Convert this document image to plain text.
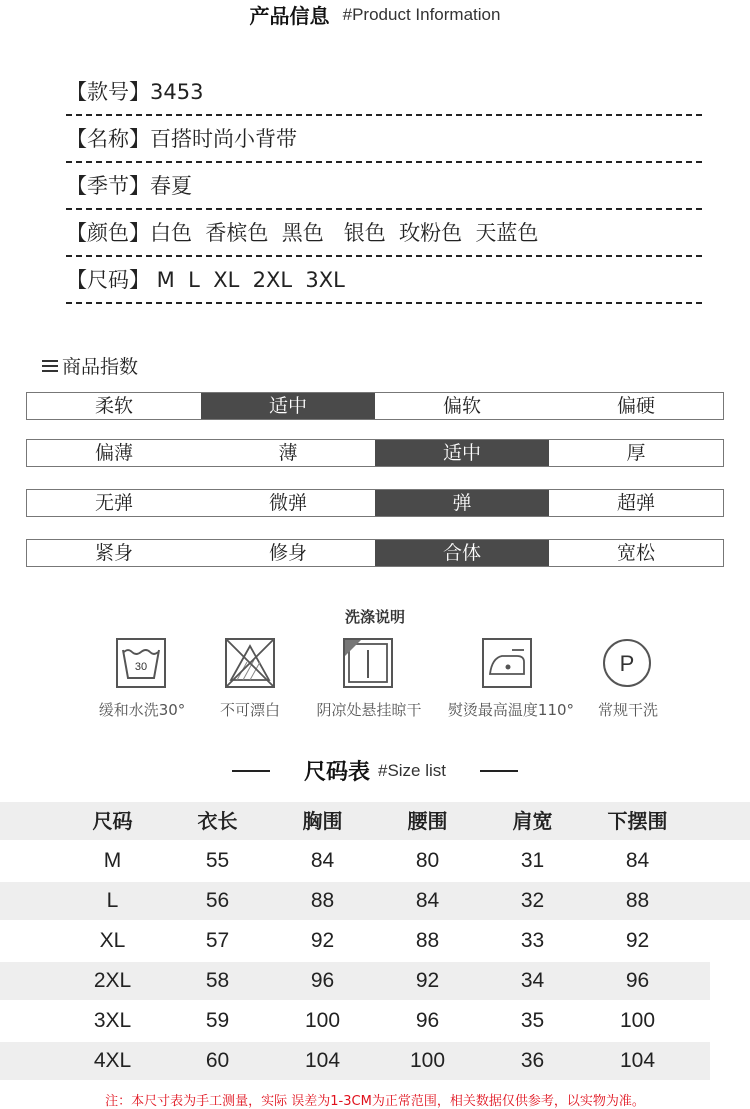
产品信息 #Product Information
【款号】3453
【名称】百搭时尚小背带
【季节】春夏
【颜色】白色  香槟色  黑色   银色  玫粉色  天蓝色
【尺码】 M  L  XL  2XL  3XL
商品指数
柔软	适中	偏软	偏硬
偏薄	薄	适中	厚
无弹	微弹	弹	超弹
紧身	修身	合体	宽松
洗涤说明
30	P
缓和水洗30°	不可漂白	阴凉处悬挂晾干	熨烫最高温度110°	常规干洗
尺码表 #Size list
尺码	衣长	胸围	腰围	肩宽	下摆围
M	55	84	80	31	84
L	56	88	84	32	88
XL	57	92	88	33	92
2XL	58	96	92	34	96
3XL	59	100	96	35	100
4XL	60	104	100	36	104
注：本尺寸表为手工测量，实际 误差为1-3CM为正常范围，相关数据仅供参考，以实物为准。
